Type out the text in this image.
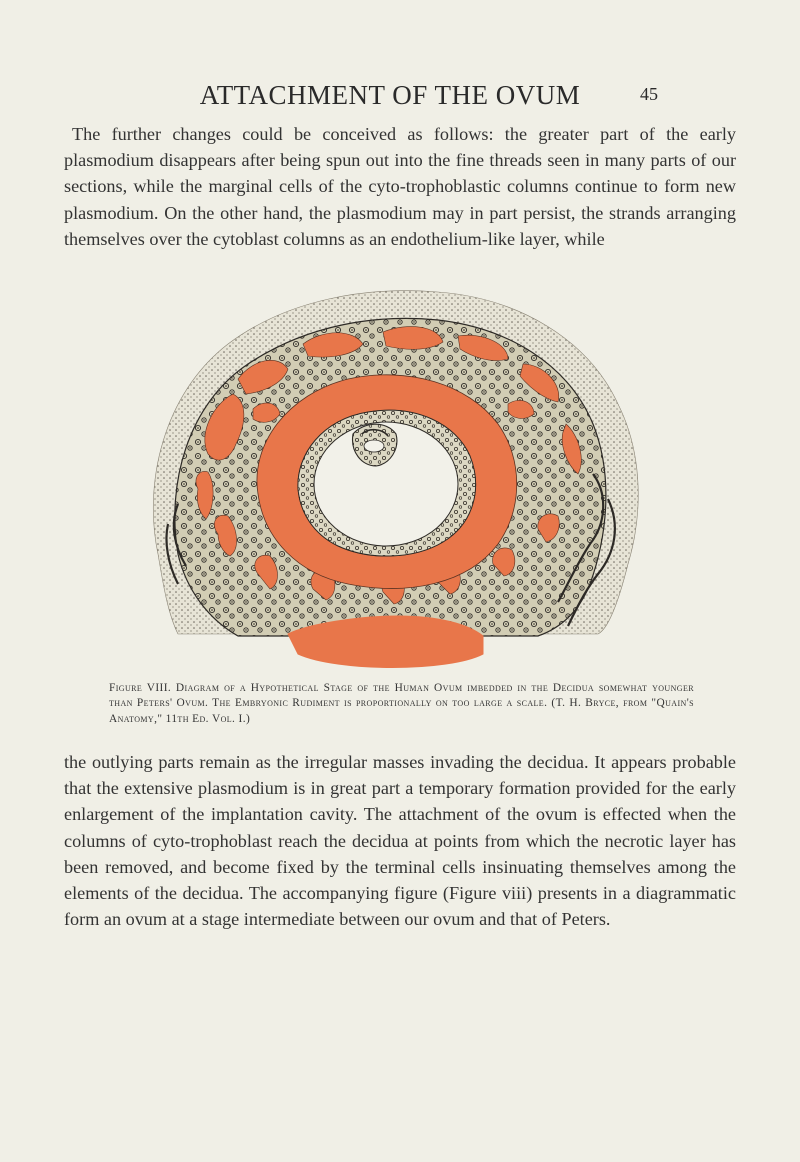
ATTACHMENT OF THE OVUM	45

The further changes could be conceived as follows: the greater part of the early plasmodium disappears after being spun out into the fine threads seen in many parts of our sections, while the marginal cells of the cyto-trophoblastic columns continue to form new plasmodium. On the other hand, the plasmodium may in part persist, the strands arranging themselves over the cytoblast columns as an endothelium-like layer, while

Figure VIII. Diagram of a Hypothetical Stage of the Human Ovum imbedded in the Decidua somewhat younger than Peters' Ovum. The Embryonic Rudiment is proportionally on too large a scale. (T. H. Bryce, from "Quain's Anatomy," 11th Ed. Vol. I.)

the outlying parts remain as the irregular masses invading the decidua. It appears probable that the extensive plasmodium is in great part a temporary formation provided for the early enlargement of the implantation cavity. The attachment of the ovum is effected when the columns of cyto-trophoblast reach the decidua at points from which the necrotic layer has been removed, and become fixed by the terminal cells insinuating themselves among the elements of the decidua. The accompanying figure (Figure viii) presents in a diagrammatic form an ovum at a stage intermediate between our ovum and that of Peters.
